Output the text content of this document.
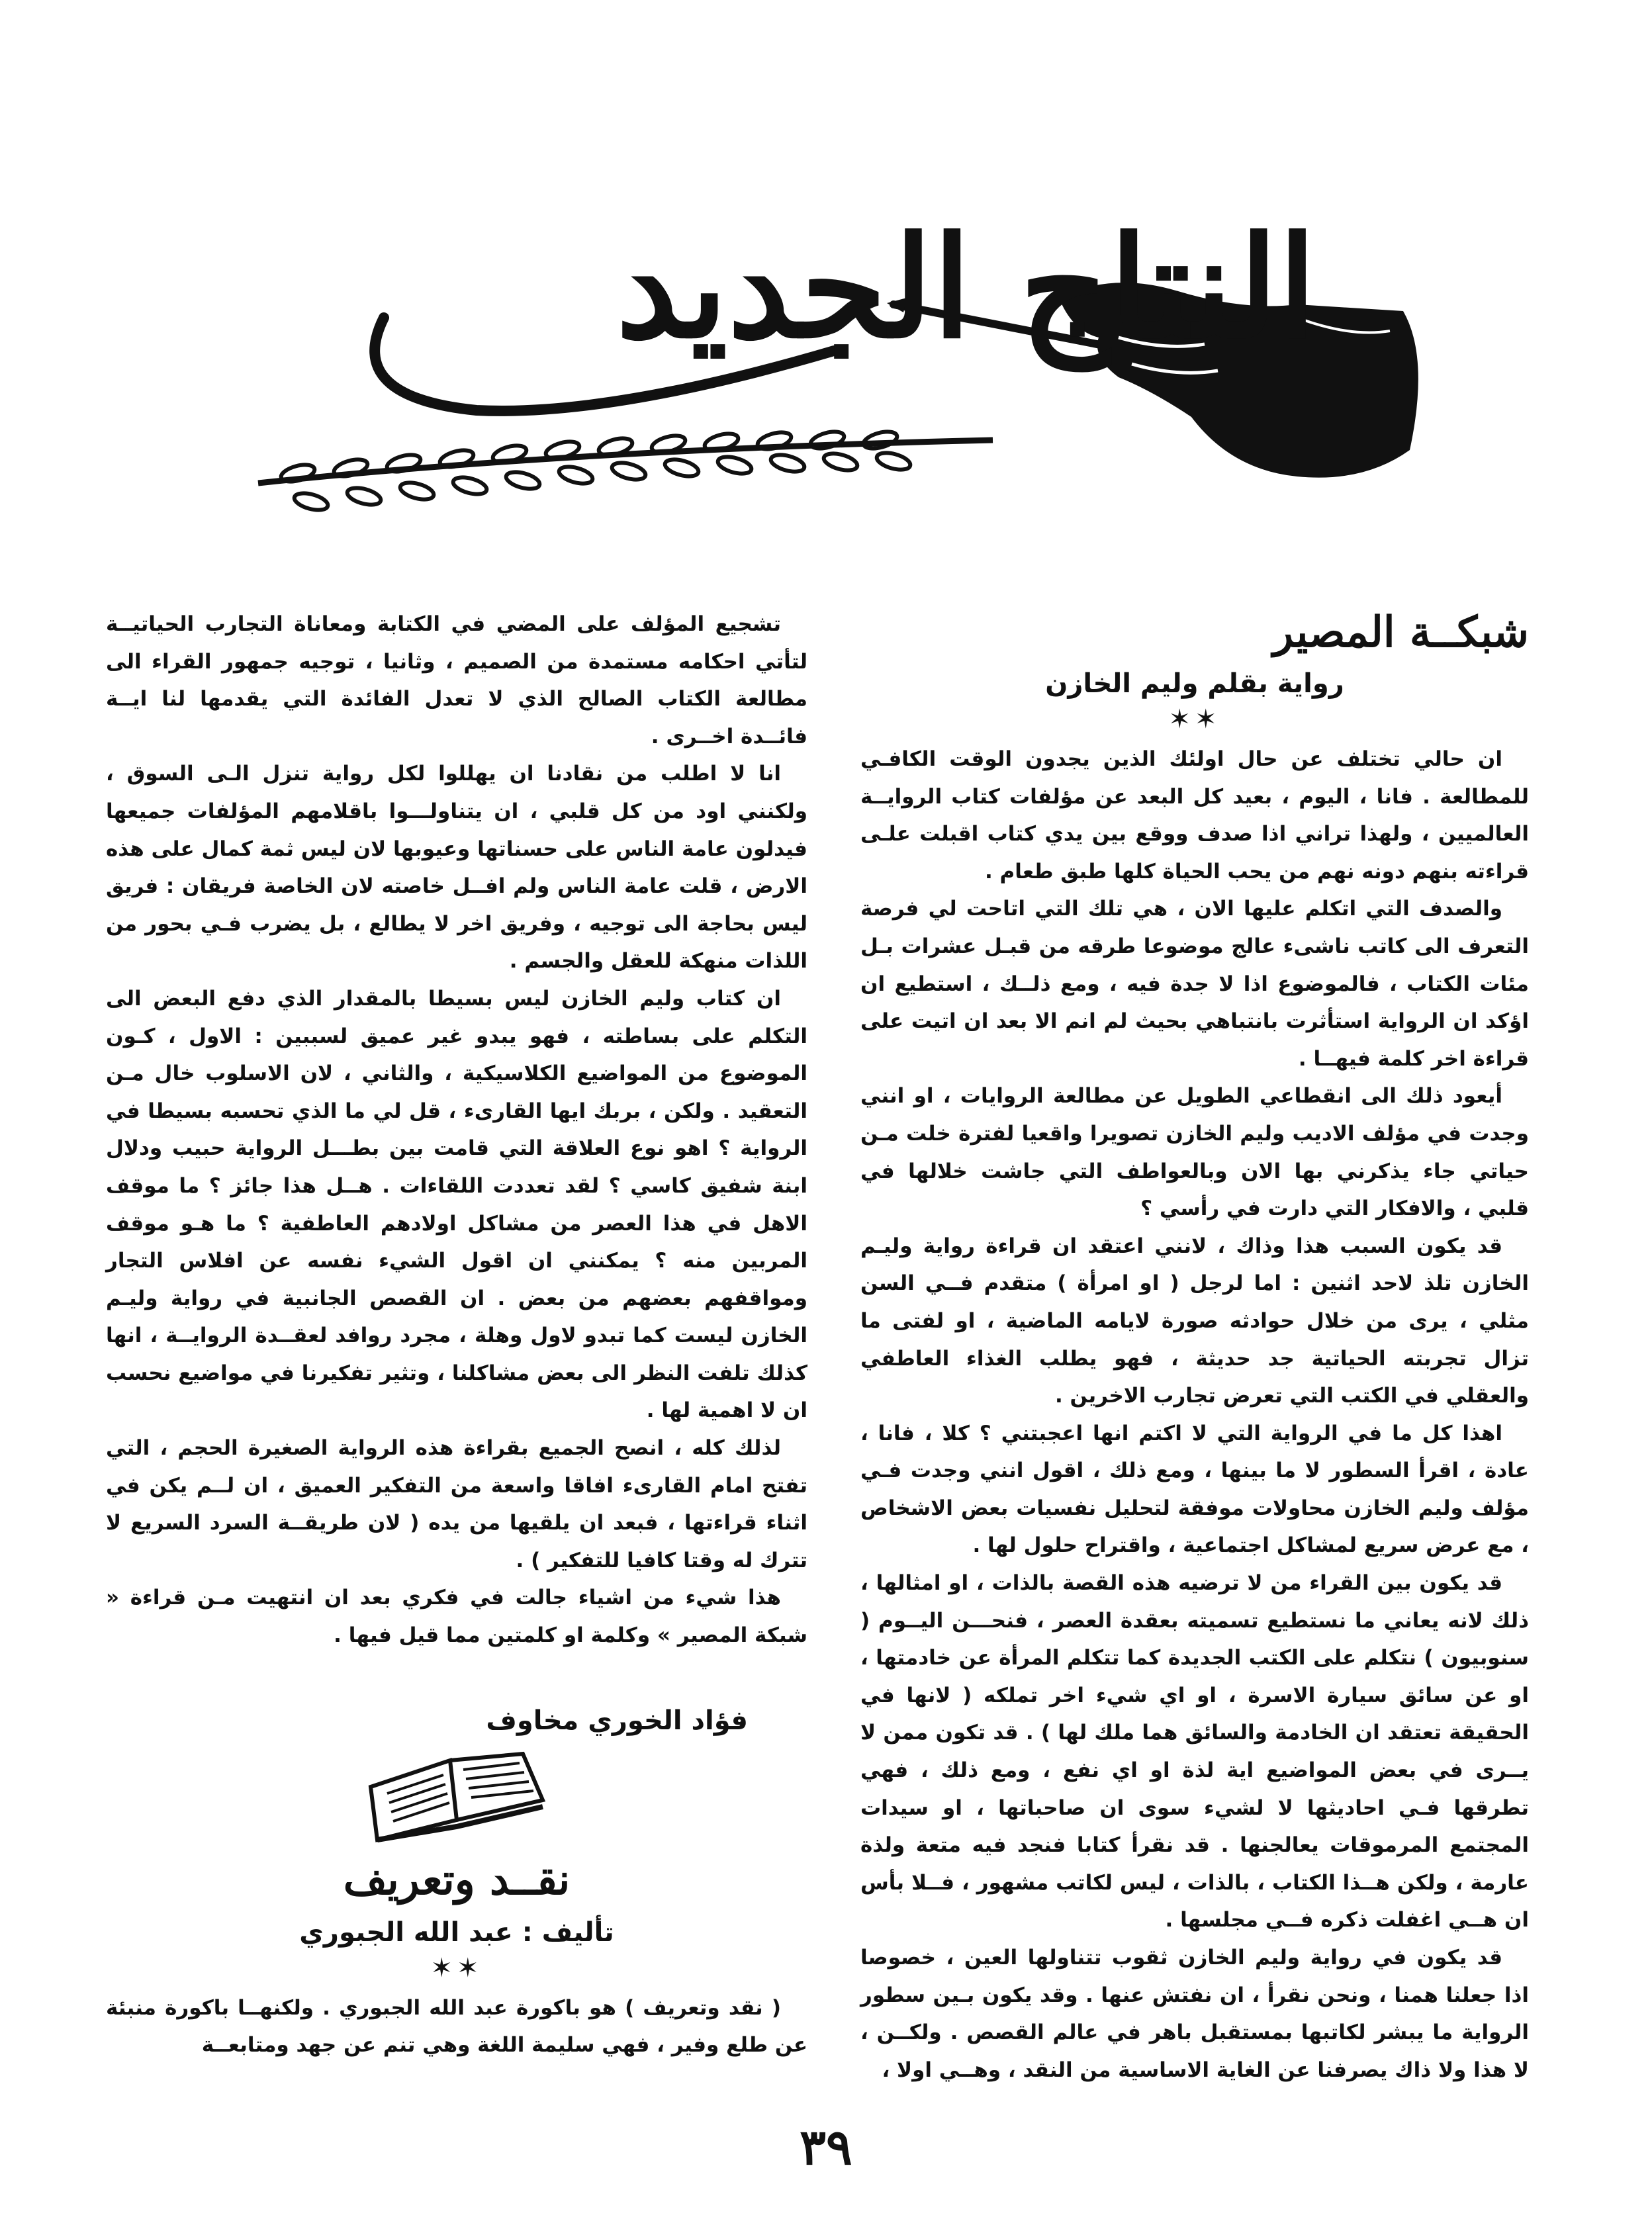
النتاج الجديد
شبكــة المصير
رواية بقلم وليم الخازن
✶✶

ان حالي تختلف عن حال اولئك الذين يجدون الوقت الكافـي للمطالعة . فانا ، اليوم ، بعيد كل البعد عن مؤلفات كتاب الروايــة العالميين ، ولهذا تراني اذا صدف ووقع بين يدي كتاب اقبلت علـى قراءته بنهم دونه نهم من يحب الحياة كلها طبق طعام .

والصدف التي اتكلم عليها الان ، هي تلك التي اتاحت لي فرصة التعرف الى كاتب ناشىء عالج موضوعا طرقه من قبـل عشرات بـل مئات الكتاب ، فالموضوع اذا لا جدة فيه ، ومع ذلــك ، استطيع ان اؤكد ان الرواية استأثرت بانتباهي بحيث لم انم الا بعد ان اتيت على قراءة اخر كلمة فيهــا .

أيعود ذلك الى انقطاعي الطويل عن مطالعة الروايات ، او انني وجدت في مؤلف الاديب وليم الخازن تصويرا واقعيا لفترة خلت مـن حياتي جاء يذكرني بها الان وبالعواطف التي جاشت خلالها في قلبي ، والافكار التي دارت في رأسي ؟

قد يكون السبب هذا وذاك ، لانني اعتقد ان قراءة رواية وليـم الخازن تلذ لاحد اثنين : اما لرجل ( او امرأة ) متقدم فــي السن مثلي ، يرى من خلال حوادثه صورة لايامه الماضية ، او لفتى ما تزال تجربته الحياتية جد حديثة ، فهو يطلب الغذاء العاطفي والعقلي في الكتب التي تعرض تجارب الاخرين .

اهذا كل ما في الرواية التي لا اكتم انها اعجبتني ؟ كلا ، فانا ، عادة ، اقرأ السطور لا ما بينها ، ومع ذلك ، اقول انني وجدت فـي مؤلف وليم الخازن محاولات موفقة لتحليل نفسيات بعض الاشخاص ، مع عرض سريع لمشاكل اجتماعية ، واقتراح حلول لها .

قد يكون بين القراء من لا ترضيه هذه القصة بالذات ، او امثالها ، ذلك لانه يعاني ما نستطيع تسميته بعقدة العصر ، فنحـــن اليــوم ( سنوبيون ) نتكلم على الكتب الجديدة كما تتكلم المرأة عن خادمتها ، او عن سائق سيارة الاسرة ، او اي شيء اخر تملكه ( لانها في الحقيقة تعتقد ان الخادمة والسائق هما ملك لها ) . قد تكون ممن لا يــرى في بعض المواضيع اية لذة او اي نفع ، ومع ذلك ، فهي تطرقها فـي احاديثها لا لشيء سوى ان صاحباتها ، او سيدات المجتمع المرموقات يعالجنها . قد نقرأ كتابا فنجد فيه متعة ولذة عارمة ، ولكن هــذا الكتاب ، بالذات ، ليس لكاتب مشهور ، فــلا بأس ان هــي اغفلت ذكره فــي مجلسها .

قد يكون في رواية وليم الخازن ثقوب تتناولها العين ، خصوصا اذا جعلنا همنا ، ونحن نقرأ ، ان نفتش عنها . وقد يكون بـين سطور الرواية ما يبشر لكاتبها بمستقبل باهر في عالم القصص . ولكــن ، لا هذا ولا ذاك يصرفنا عن الغاية الاساسية من النقد ، وهــي اولا ،

تشجيع المؤلف على المضي في الكتابة ومعاناة التجارب الحياتيــة لتأتي احكامه مستمدة من الصميم ، وثانيا ، توجيه جمهور القراء الى مطالعة الكتاب الصالح الذي لا تعدل الفائدة التي يقدمها لنا ايــة فائــدة اخــرى .

انا لا اطلب من نقادنا ان يهللوا لكل رواية تنزل الـى السوق ، ولكنني اود من كل قلبي ، ان يتناولـــوا باقلامهم المؤلفات جميعها فيدلون عامة الناس على حسناتها وعيوبها لان ليس ثمة كمال على هذه الارض ، قلت عامة الناس ولم افــل خاصته لان الخاصة فريقان : فريق ليس بحاجة الى توجيه ، وفريق اخر لا يطالع ، بل يضرب فـي بحور من اللذات منهكة للعقل والجسم .

ان كتاب وليم الخازن ليس بسيطا بالمقدار الذي دفع البعض الى التكلم على بساطته ، فهو يبدو غير عميق لسببين : الاول ، كـون الموضوع من المواضيع الكلاسيكية ، والثاني ، لان الاسلوب خال مـن التعقيد . ولكن ، بربك ايها القارىء ، قل لي ما الذي تحسبه بسيطا في الرواية ؟ اهو نوع العلاقة التي قامت بين بطـــل الرواية حبيب ودلال ابنة شفيق كاسي ؟ لقد تعددت اللقاءات . هــل هذا جائز ؟ ما موقف الاهل في هذا العصر من مشاكل اولادهم العاطفية ؟ ما هـو موقف المربين منه ؟ يمكنني ان اقول الشيء نفسه عن افلاس التجار ومواقفهم بعضهم من بعض . ان القصص الجانبية في رواية وليـم الخازن ليست كما تبدو لاول وهلة ، مجرد روافد لعقــدة الروايــة ، انها كذلك تلفت النظر الى بعض مشاكلنا ، وتثير تفكيرنا في مواضيع نحسب ان لا اهمية لها .

لذلك كله ، انصح الجميع بقراءة هذه الرواية الصغيرة الحجم ، التي تفتح امام القارىء افاقا واسعة من التفكير العميق ، ان لــم يكن في اثناء قراءتها ، فبعد ان يلقيها من يده ( لان طريقــة السرد السريع لا تترك له وقتا كافيا للتفكير ) .

هذا شيء من اشياء جالت في فكري بعد ان انتهيت مـن قراءة « شبكة المصير » وكلمة او كلمتين مما قيل فيها .

فؤاد الخوري مخاوف
نقــد وتعريف
تأليف : عبد الله الجبوري
✶✶

( نقد وتعريف ) هو باكورة عبد الله الجبوري . ولكنهــا باكورة منبئة عن طلع وفير ، فهي سليمة اللغة وهي تنم عن جهد ومتابعــة

٣٩
